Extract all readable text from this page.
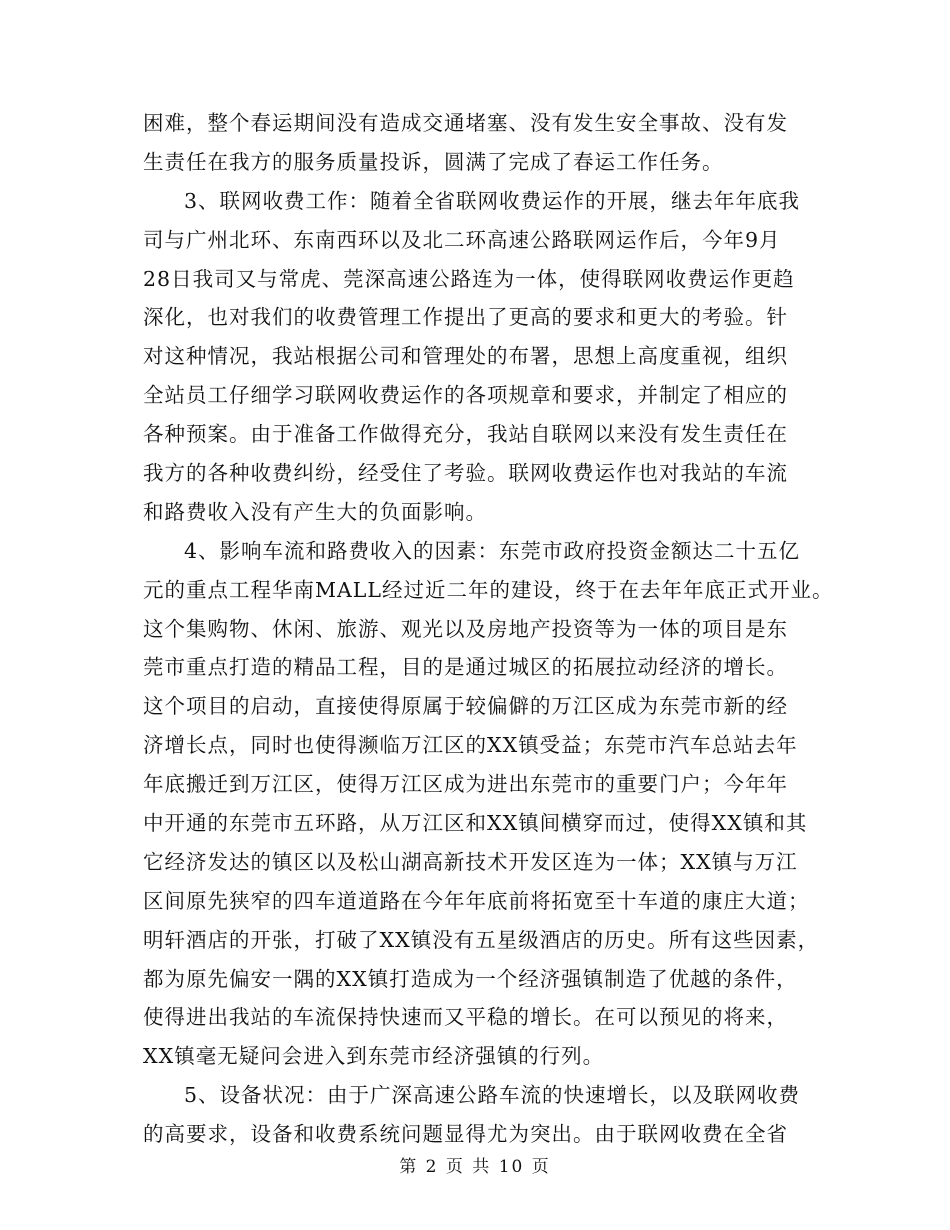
困难，整个春运期间没有造成交通堵塞、没有发生安全事故、没有发
生责任在我方的服务质量投诉，圆满了完成了春运工作任务。
3、联网收费工作：随着全省联网收费运作的开展，继去年年底我
司与广州北环、东南西环以及北二环高速公路联网运作后，今年9月
28日我司又与常虎、莞深高速公路连为一体，使得联网收费运作更趋
深化，也对我们的收费管理工作提出了更高的要求和更大的考验。针
对这种情况，我站根据公司和管理处的布署，思想上高度重视，组织
全站员工仔细学习联网收费运作的各项规章和要求，并制定了相应的
各种预案。由于准备工作做得充分，我站自联网以来没有发生责任在
我方的各种收费纠纷，经受住了考验。联网收费运作也对我站的车流
和路费收入没有产生大的负面影响。
4、影响车流和路费收入的因素：东莞市政府投资金额达二十五亿
元的重点工程华南MALL经过近二年的建设，终于在去年年底正式开业。
这个集购物、休闲、旅游、观光以及房地产投资等为一体的项目是东
莞市重点打造的精品工程，目的是通过城区的拓展拉动经济的增长。
这个项目的启动，直接使得原属于较偏僻的万江区成为东莞市新的经
济增长点，同时也使得濒临万江区的XX镇受益；东莞市汽车总站去年
年底搬迁到万江区，使得万江区成为进出东莞市的重要门户；今年年
中开通的东莞市五环路，从万江区和XX镇间横穿而过，使得XX镇和其
它经济发达的镇区以及松山湖高新技术开发区连为一体；XX镇与万江
区间原先狭窄的四车道道路在今年年底前将拓宽至十车道的康庄大道；
明轩酒店的开张，打破了XX镇没有五星级酒店的历史。所有这些因素，
都为原先偏安一隅的XX镇打造成为一个经济强镇制造了优越的条件，
使得进出我站的车流保持快速而又平稳的增长。在可以预见的将来，
XX镇毫无疑问会进入到东莞市经济强镇的行列。
5、设备状况：由于广深高速公路车流的快速增长，以及联网收费
的高要求，设备和收费系统问题显得尤为突出。由于联网收费在全省
第 2 页 共 10 页
